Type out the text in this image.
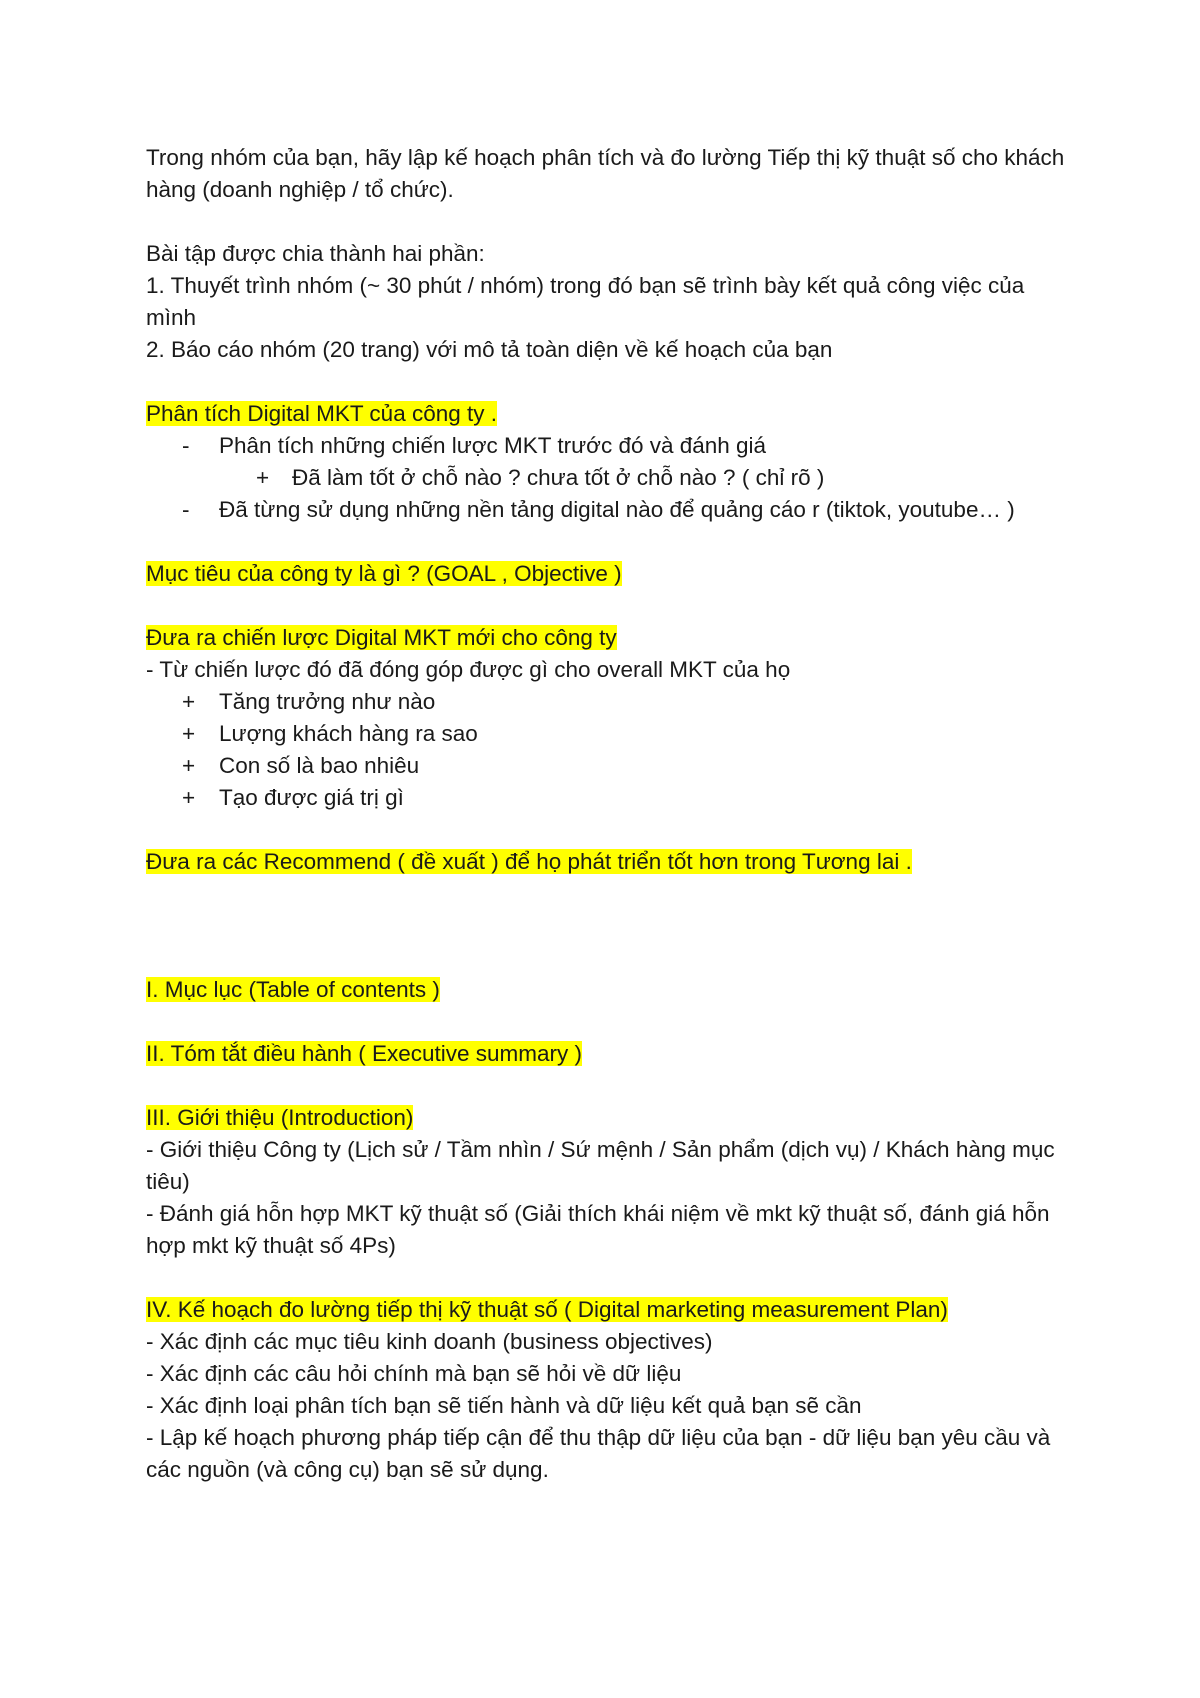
Trong nhóm của bạn, hãy lập kế hoạch phân tích và đo lường Tiếp thị kỹ thuật số cho khách hàng (doanh nghiệp / tổ chức).

Bài tập được chia thành hai phần:

1. Thuyết trình nhóm (~ 30 phút / nhóm) trong đó bạn sẽ trình bày kết quả công việc của mình

2. Báo cáo nhóm (20 trang) với mô tả toàn diện về kế hoạch của bạn

Phân tích Digital MKT của công ty .

- Phân tích những chiến lược MKT trước đó và đánh giá
+ Đã làm tốt ở chỗ nào ? chưa tốt ở chỗ nào ? ( chỉ rõ )
- Đã từng sử dụng những nền tảng digital nào để quảng cáo r (tiktok, youtube… )

Mục tiêu của công ty là gì ? (GOAL , Objective )

Đưa ra chiến lược Digital MKT mới cho công ty

- Từ chiến lược đó đã đóng góp được gì cho overall MKT của họ

+ Tăng trưởng như nào
+ Lượng khách hàng ra sao
+ Con số là bao nhiêu
+ Tạo được giá trị gì

Đưa ra các Recommend ( đề xuất ) để họ phát triển tốt hơn trong Tương lai .

I. Mục lục (Table of contents )

II. Tóm tắt điều hành ( Executive summary )

III. Giới thiệu (Introduction)

- Giới thiệu Công ty (Lịch sử / Tầm nhìn / Sứ mệnh / Sản phẩm (dịch vụ) / Khách hàng mục tiêu)

- Đánh giá hỗn hợp MKT kỹ thuật số (Giải thích khái niệm về mkt kỹ thuật số, đánh giá hỗn hợp mkt kỹ thuật số 4Ps)

IV. Kế hoạch đo lường tiếp thị kỹ thuật số ( Digital marketing measurement Plan)

- Xác định các mục tiêu kinh doanh (business objectives)

- Xác định các câu hỏi chính mà bạn sẽ hỏi về dữ liệu

- Xác định loại phân tích bạn sẽ tiến hành và dữ liệu kết quả bạn sẽ cần

- Lập kế hoạch phương pháp tiếp cận để thu thập dữ liệu của bạn - dữ liệu bạn yêu cầu và các nguồn (và công cụ) bạn sẽ sử dụng.
